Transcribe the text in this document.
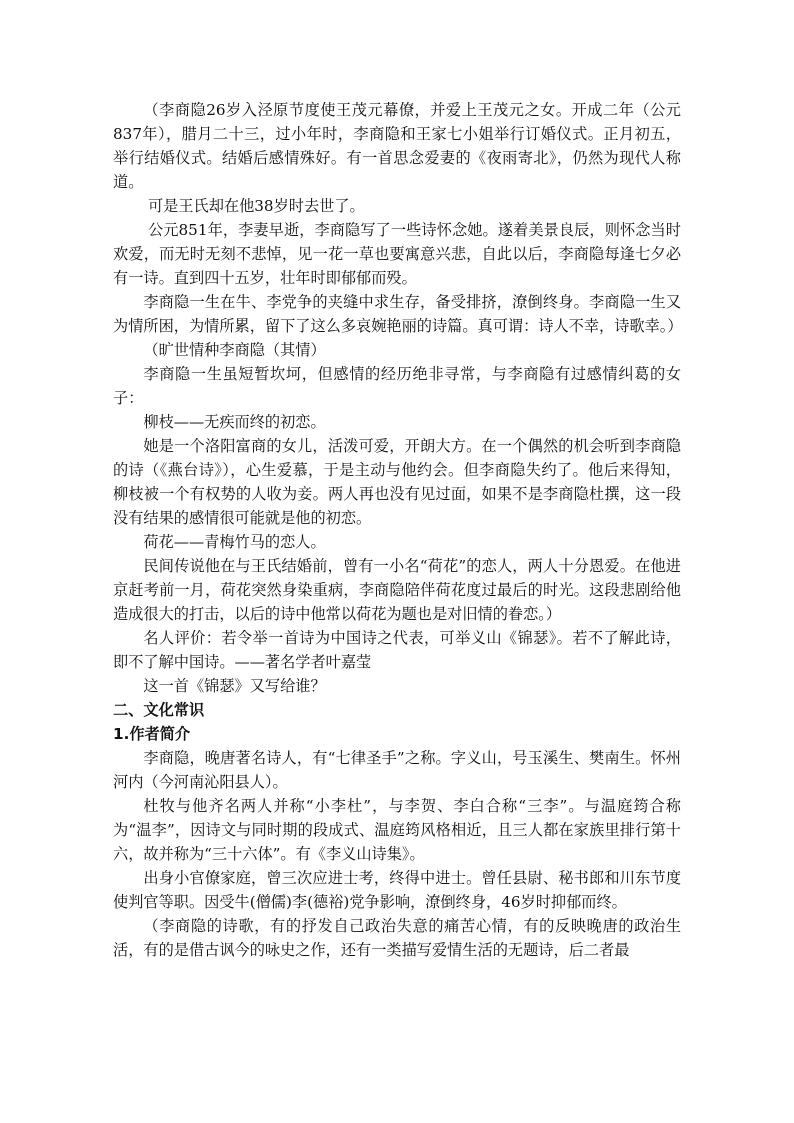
（李商隐26岁入泾原节度使王茂元幕僚，并爱上王茂元之女。开成二年（公元837年），腊月二十三，过小年时，李商隐和王家七小姐举行订婚仪式。正月初五，举行结婚仪式。结婚后感情殊好。有一首思念爱妻的《夜雨寄北》，仍然为现代人称道。

可是王氏却在他38岁时去世了。

公元851年，李妻早逝，李商隐写了一些诗怀念她。遂着美景良辰，则怀念当时欢爱，而无时无刻不悲悼，见一花一草也要寓意兴悲，自此以后，李商隐每逢七夕必有一诗。直到四十五岁，壮年时即郁郁而殁。

李商隐一生在牛、李党争的夹缝中求生存，备受排挤，潦倒终身。李商隐一生又为情所困，为情所累，留下了这么多哀婉艳丽的诗篇。真可谓：诗人不幸，诗歌幸。）

（旷世情种李商隐（其情）

李商隐一生虽短暂坎坷，但感情的经历绝非寻常，与李商隐有过感情纠葛的女子：

柳枝——无疾而终的初恋。

她是一个洛阳富商的女儿，活泼可爱，开朗大方。在一个偶然的机会听到李商隐的诗（《燕台诗》），心生爱慕，于是主动与他约会。但李商隐失约了。他后来得知，柳枝被一个有权势的人收为妾。两人再也没有见过面，如果不是李商隐杜撰，这一段没有结果的感情很可能就是他的初恋。

荷花——青梅竹马的恋人。

民间传说他在与王氏结婚前，曾有一小名“荷花”的恋人，两人十分恩爱。在他进京赶考前一月，荷花突然身染重病，李商隐陪伴荷花度过最后的时光。这段悲剧给他造成很大的打击，以后的诗中他常以荷花为题也是对旧情的眷恋。）

名人评价：若令举一首诗为中国诗之代表，可举义山《锦瑟》。若不了解此诗，即不了解中国诗。——著名学者叶嘉莹

这一首《锦瑟》又写给谁？

二、文化常识

1.作者简介

李商隐，晚唐著名诗人，有“七律圣手”之称。字义山，号玉溪生、樊南生。怀州河内（今河南沁阳县人）。

杜牧与他齐名两人并称“小李杜”，与李贺、李白合称“三李”。与温庭筠合称为“温李”，因诗文与同时期的段成式、温庭筠风格相近，且三人都在家族里排行第十六，故并称为“三十六体”。有《李义山诗集》。

出身小官僚家庭，曾三次应进士考，终得中进士。曾任县尉、秘书郎和川东节度使判官等职。因受牛(僧儒)李(德裕)党争影响，潦倒终身，46岁时抑郁而终。

（李商隐的诗歌，有的抒发自己政治失意的痛苦心情，有的反映晚唐的政治生活，有的是借古讽今的咏史之作，还有一类描写爱情生活的无题诗，后二者最
